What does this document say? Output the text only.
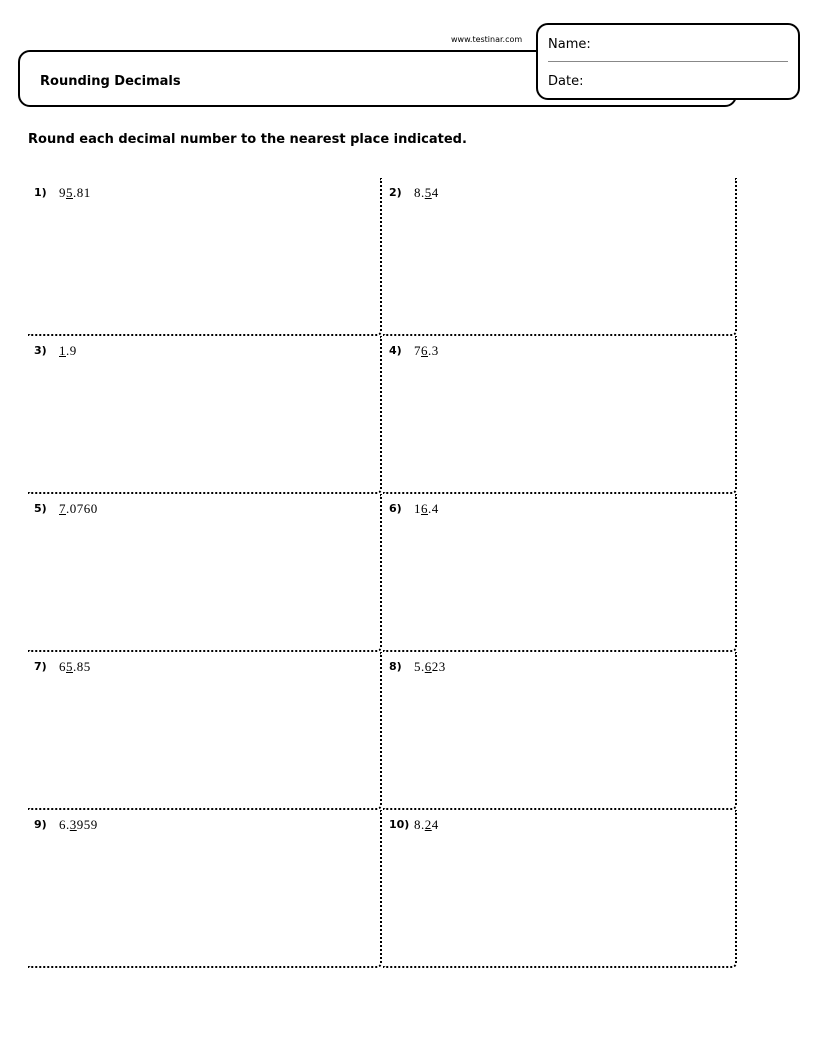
www.testinar.com
Rounding Decimals
Name:
Date:
Round each decimal number to the nearest place indicated.
1) 95.81	2) 8.54
3) 1.9	4) 76.3
5) 7.0760	6) 16.4
7) 65.85	8) 5.623
9) 6.3959	10) 8.24
